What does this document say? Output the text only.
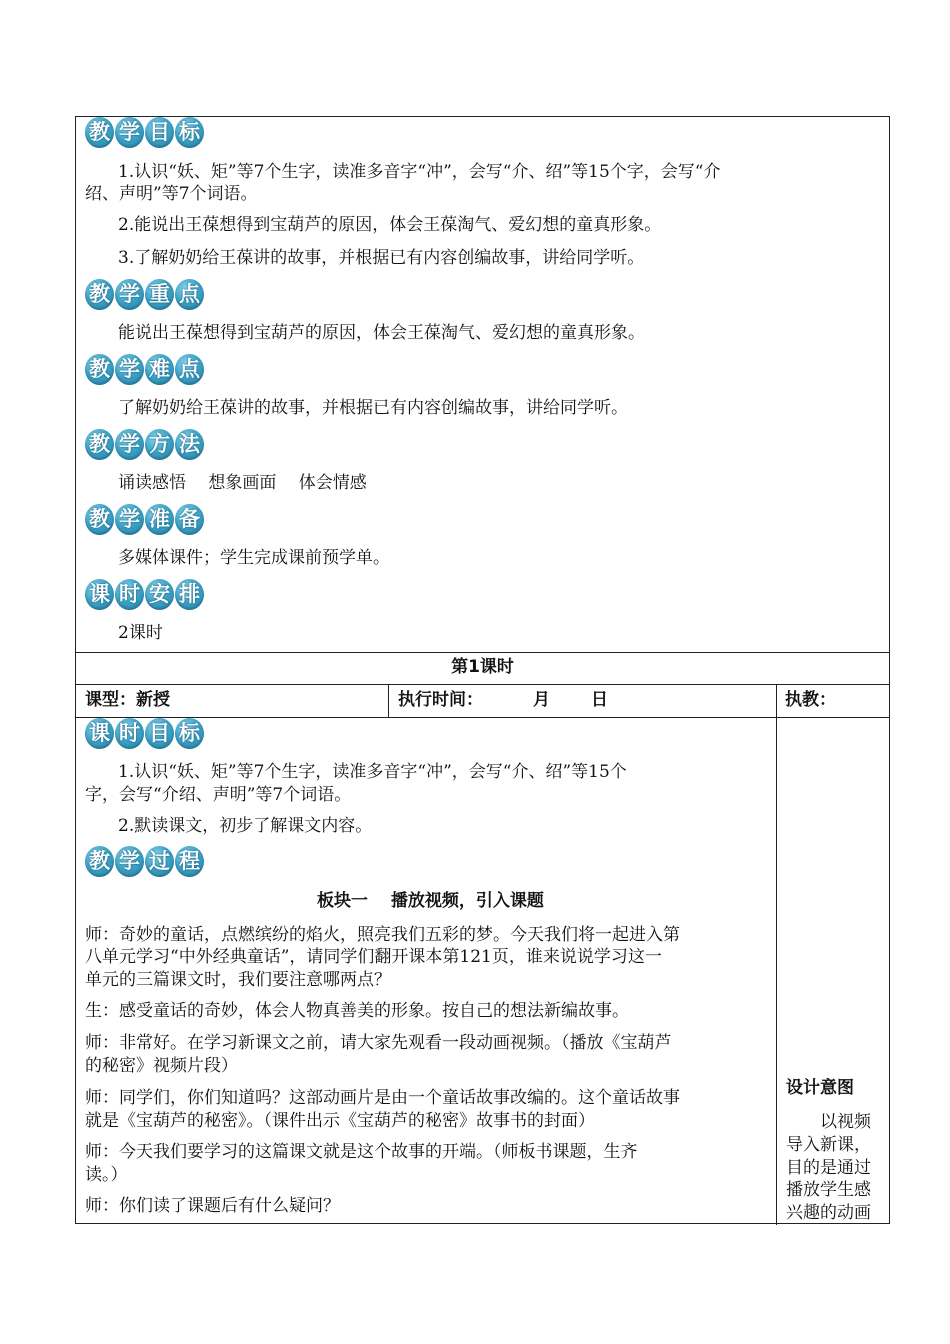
教 学 目 标
1.认识“妖、矩”等7个生字，读准多音字“冲”，会写“介、绍”等15个字，会写“介
绍、声明”等7个词语。
2.能说出王葆想得到宝葫芦的原因，体会王葆淘气、爱幻想的童真形象。
3.了解奶奶给王葆讲的故事，并根据已有内容创编故事，讲给同学听。
教 学 重 点
能说出王葆想得到宝葫芦的原因，体会王葆淘气、爱幻想的童真形象。
教 学 难 点
了解奶奶给王葆讲的故事，并根据已有内容创编故事，讲给同学听。
教 学 方 法
诵读感悟　 想象画面　 体会情感
教 学 准 备
多媒体课件；学生完成课前预学单。
课 时 安 排
2课时
第1课时
课型：新授	执行时间：	月 日	执教：
课 时 目 标
1.认识“妖、矩”等7个生字，读准多音字“冲”，会写“介、绍”等15个
字，会写“介绍、声明”等7个词语。
2.默读课文，初步了解课文内容。
教 学 过 程
板块一　 播放视频，引入课题
师：奇妙的童话，点燃缤纷的焰火，照亮我们五彩的梦。今天我们将一起进入第
八单元学习“中外经典童话”，请同学们翻开课本第121页，谁来说说学习这一
单元的三篇课文时，我们要注意哪两点？
生：感受童话的奇妙，体会人物真善美的形象。按自己的想法新编故事。
师：非常好。在学习新课文之前，请大家先观看一段动画视频。（播放《宝葫芦
的秘密》视频片段）
师：同学们，你们知道吗？这部动画片是由一个童话故事改编的。这个童话故事
就是《宝葫芦的秘密》。（课件出示《宝葫芦的秘密》故事书的封面）
师：今天我们要学习的这篇课文就是这个故事的开端。（师板书课题，生齐
读。）
师：你们读了课题后有什么疑问？
设计意图
以视频
导入新课，
目的是通过
播放学生感
兴趣的动画
